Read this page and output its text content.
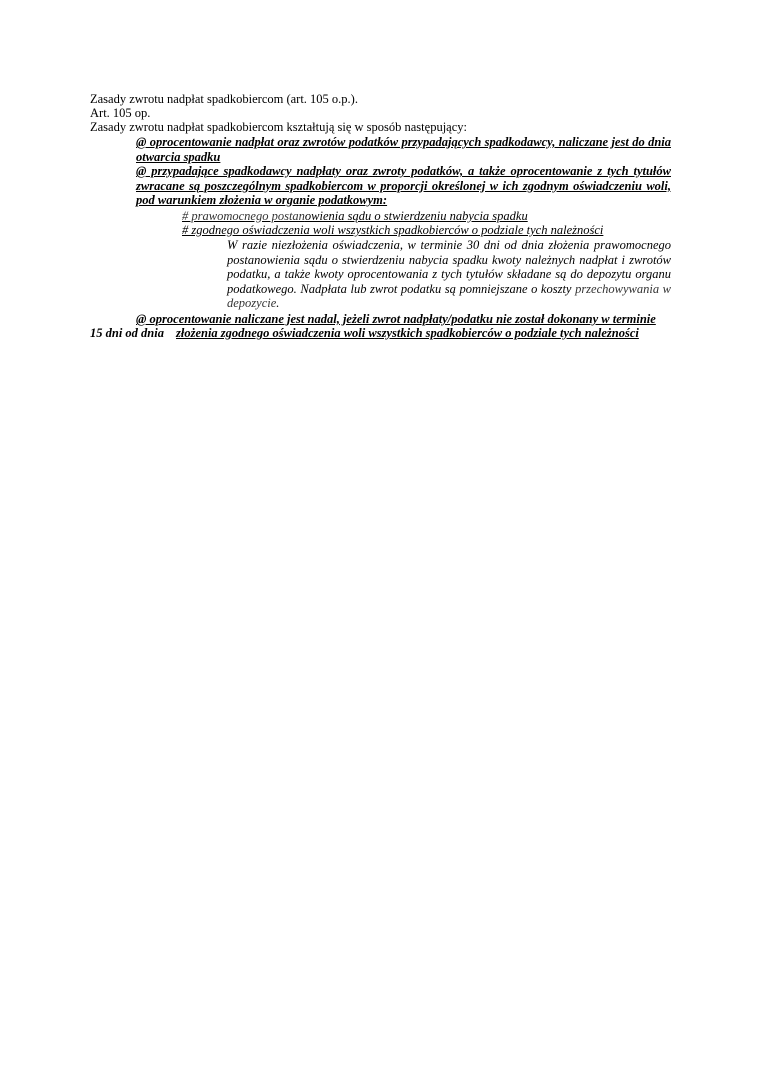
Zasady zwrotu nadpłat spadkobiercom (art. 105 o.p.).
Art. 105 op.
Zasady zwrotu nadpłat spadkobiercom kształtują się w sposób następujący:
@ oprocentowanie nadpłat oraz zwrotów podatków przypadających spadkodawcy, naliczane jest do dnia otwarcia spadku
@ przypadające spadkodawcy nadpłaty oraz zwroty podatków, a także oprocentowanie z tych tytułów zwracane są poszczególnym spadkobiercom w proporcji określonej w ich zgodnym oświadczeniu woli, pod warunkiem złożenia w organie podatkowym:
# prawomocnego postanowienia sądu o stwierdzeniu nabycia spadku
# zgodnego oświadczenia woli wszystkich spadkobierców o podziale tych należności
W razie niezłożenia oświadczenia, w terminie 30 dni od dnia złożenia prawomocnego postanowienia sądu o stwierdzeniu nabycia spadku kwoty należnych nadpłat i zwrotów podatku, a także kwoty oprocentowania z tych tytułów składane są do depozytu organu podatkowego. Nadpłata lub zwrot podatku są pomniejszane o koszty przechowywania w depozycie.
@ oprocentowanie naliczane jest nadal, jeżeli zwrot nadpłaty/podatku nie został dokonany w terminie
15 dni od dnia złożenia zgodnego oświadczenia woli wszystkich spadkobierców o podziale tych należności
